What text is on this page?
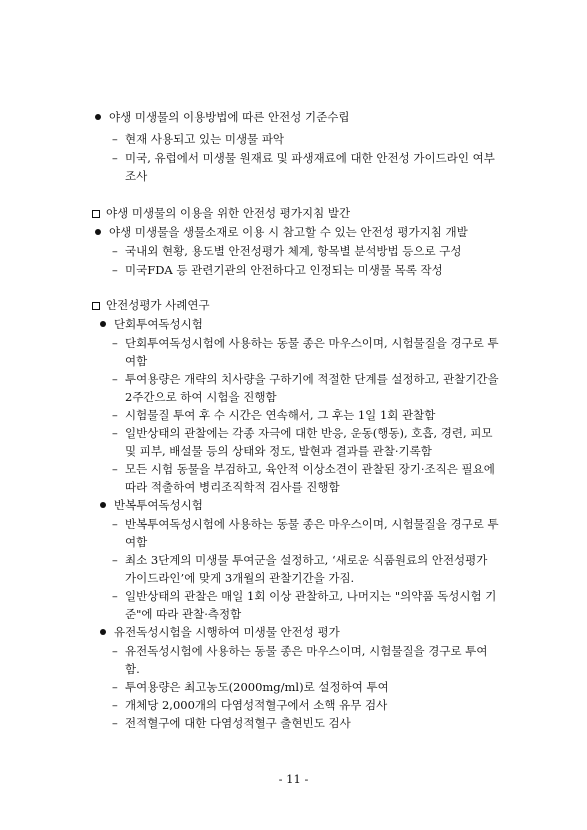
야생 미생물의 이용방법에 따른 안전성 기준수립
– 현재 사용되고 있는 미생물 파악
– 미국, 유럽에서 미생물 원재료 및 파생재료에 대한 안전성 가이드라인 여부
조사
야생 미생물의 이용을 위한 안전성 평가지침 발간
야생 미생물을 생물소재로 이용 시 참고할 수 있는 안전성 평가지침 개발
– 국내외 현황, 용도별 안전성평가 체계, 항목별 분석방법 등으로 구성
– 미국FDA 등 관련기관의 안전하다고 인정되는 미생물 목록 작성
안전성평가 사례연구
단회투여독성시험
– 단회투여독성시험에 사용하는 동물 종은 마우스이며, 시험물질을 경구로 투
여함
– 투여용량은 개략의 치사량을 구하기에 적절한 단계를 설정하고, 관찰기간을
2주간으로 하여 시험을 진행함
– 시험물질 투여 후 수 시간은 연속해서, 그 후는 1일 1회 관찰함
– 일반상태의 관찰에는 각종 자극에 대한 반응, 운동(행동), 호흡, 경련, 피모
및 피부, 배설물 등의 상태와 정도, 발현과 결과를 관찰·기록함
– 모든 시험 동물을 부검하고, 육안적 이상소견이 관찰된 장기·조직은 필요에
따라 적출하여 병리조직학적 검사를 진행함
반복투여독성시험
– 반복투여독성시험에 사용하는 동물 종은 마우스이며, 시험물질을 경구로 투
여함
– 최소 3단계의 미생물 투여군을 설정하고, ‘새로운 식품원료의 안전성평가
가이드라인’에 맞게 3개월의 관찰기간을 가짐.
– 일반상태의 관찰은 매일 1회 이상 관찰하고, 나머지는 "의약품 독성시험 기
준"에 따라 관찰·측정함
유전독성시험을 시행하여 미생물 안전성 평가
– 유전독성시험에 사용하는 동물 종은 마우스이며, 시험물질을 경구로 투여
함.
– 투여용량은 최고농도(2000mg/ml)로 설정하여 투여
– 개체당 2,000개의 다염성적혈구에서 소핵 유무 검사
– 전적혈구에 대한 다염성적혈구 출현빈도 검사
- 11 -
